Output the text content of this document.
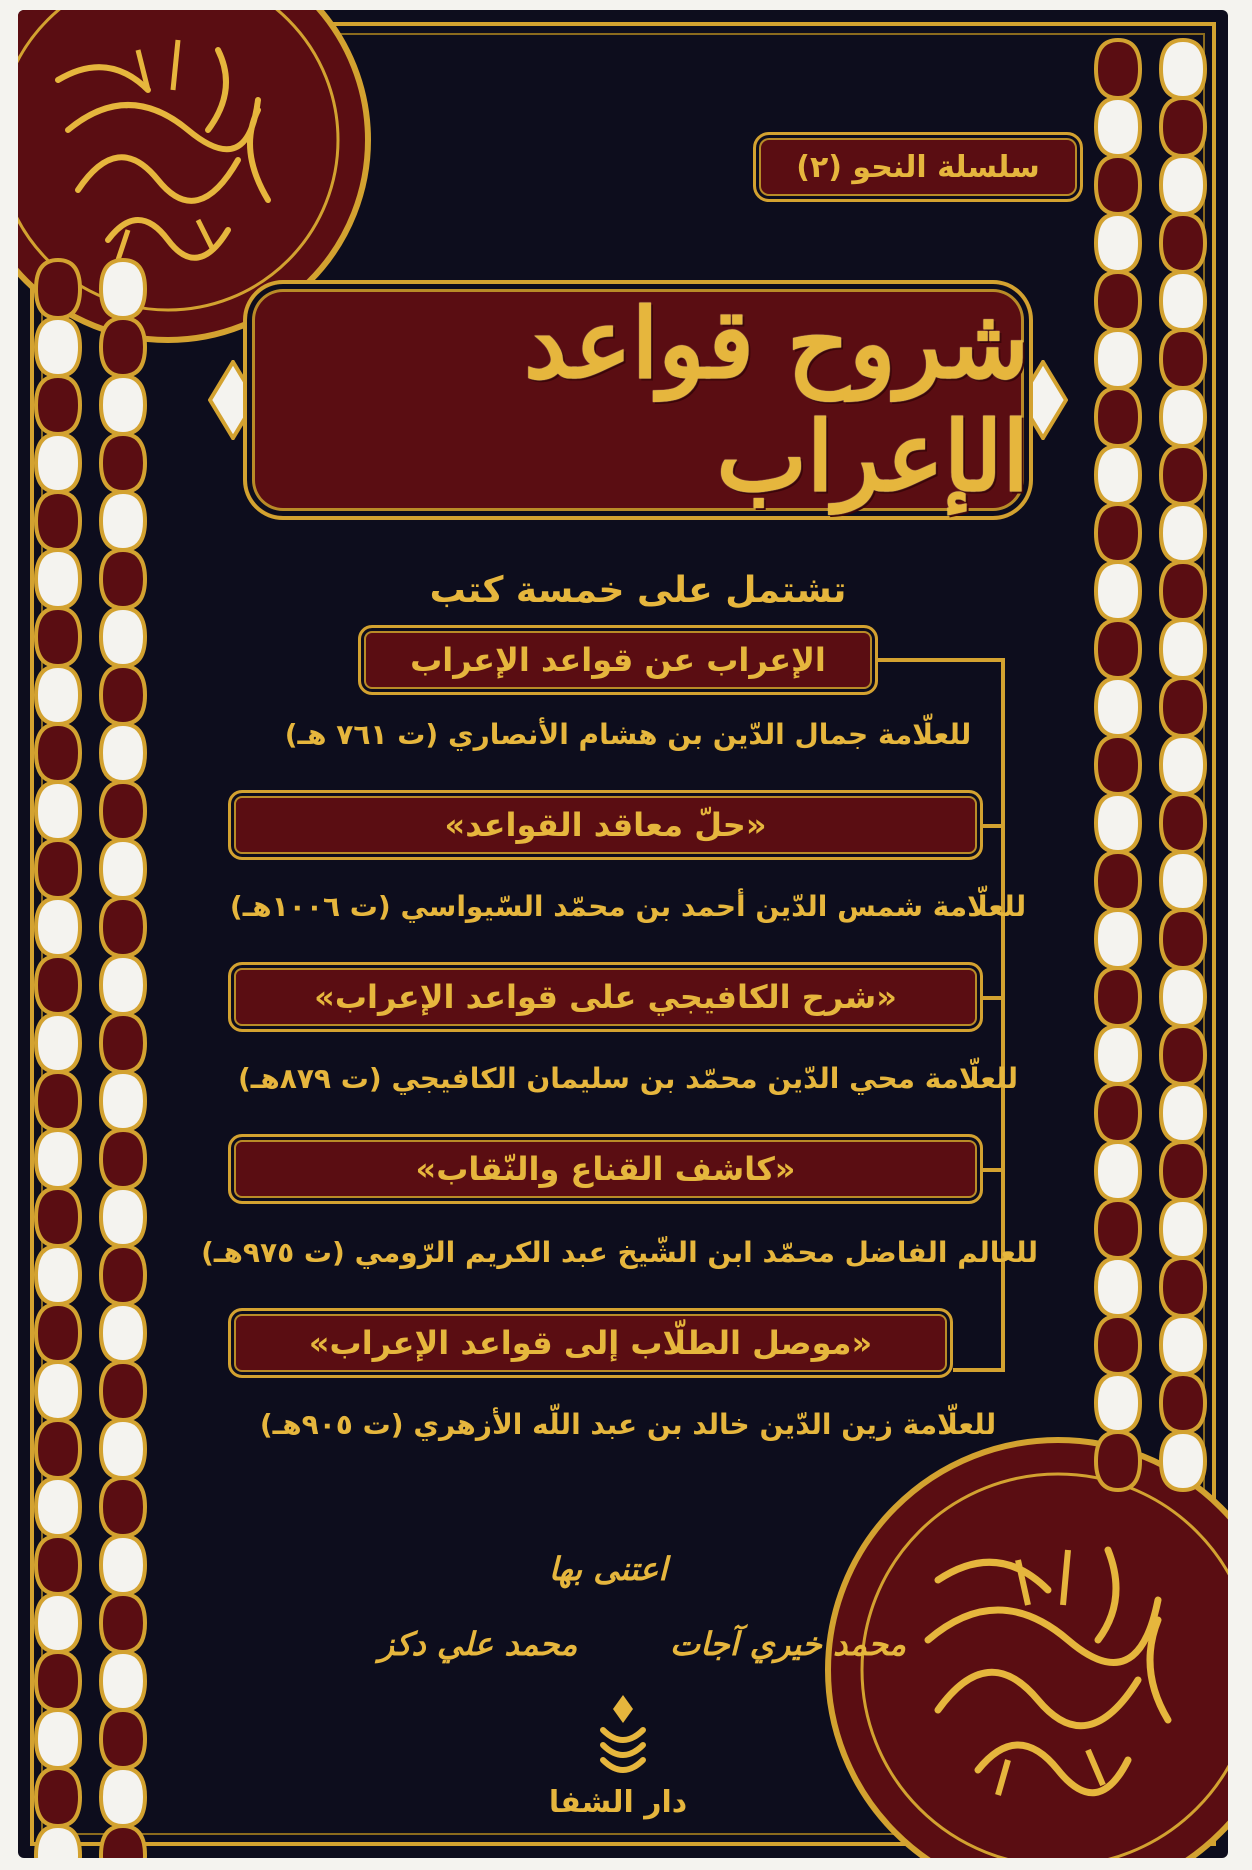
سلسلة النحو (٢)
شروح قواعد الإعراب
تشتمل على خمسة كتب
الإعراب عن قواعد الإعراب
للعلّامة جمال الدّين بن هشام الأنصاري (ت ٧٦١ هـ)
«حلّ معاقد القواعد»
للعلّامة شمس الدّين أحمد بن محمّد السّيواسي (ت ١٠٠٦هـ)
«شرح الكافيجي على قواعد الإعراب»
للعلّامة محي الدّين محمّد بن سليمان الكافيجي (ت ٨٧٩هـ)
«كاشف القناع والنّقاب»
للعالم الفاضل محمّد ابن الشّيخ عبد الكريم الرّومي (ت ٩٧٥هـ)
«موصل الطلّاب إلى قواعد الإعراب»
للعلّامة زين الدّين خالد بن عبد اللّه الأزهري (ت ٩٠٥هـ)
اعتنى بها
محمد خيري آجات
محمد علي دكز
دار الشفا
